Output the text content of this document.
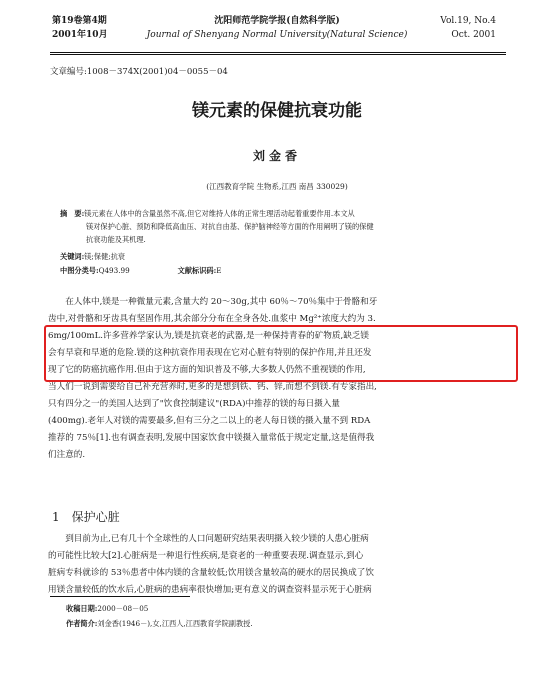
第19卷第4期
2001年10月
沈阳师范学院学报(自然科学版)
Journal of Shenyang Normal University(Natural Science)
Vol.19, No.4
Oct. 2001
文章编号:1008－374X(2001)04－0055－04
镁元素的保健抗衰功能
刘金香
(江西教育学院 生物系,江西 南昌 330029)
摘　要:镁元素在人体中的含量虽然不高,但它对维持人体的正常生理活动起着重要作用.本文从
镁对保护心脏、预防和降低高血压、对抗自由基、保护脑神经等方面的作用阐明了镁的保健
抗衰功能及其机理.
关键词:镁;保健;抗衰
中图分类号:Q493.99	文献标识码:E

在人体中,镁是一种微量元素,含量大约 20～30g,其中 60％～70％集中于骨骼和牙

齿中,对骨骼和牙齿具有坚固作用,其余部分分布在全身各处.血浆中 Mg²⁺浓度大约为 3.
6mg/100mL.许多营养学家认为,镁是抗衰老的武器,是一种保持青春的矿物质,缺乏镁
会有早衰和早逝的危险.镁的这种抗衰作用表现在它对心脏有特别的保护作用,并且还发
现了它的防癌抗癌作用.但由于这方面的知识普及不够,大多数人仍然不重视镁的作用,
当人们一说到需要给自己补充营养时,更多的是想到铁、钙、锌,而想不到镁.有专家指出,
只有四分之一的美国人达到了"饮食控制建议"(RDA)中推荐的镁的每日摄入量
(400mg).老年人对镁的需要最多,但有三分之二以上的老人每日镁的摄入量不到 RDA
推荐的 75％[1].也有调查表明,发展中国家饮食中镁摄入量常低于规定定量,这是值得我
们注意的.
1 保护心脏

到目前为止,已有几十个全球性的人口问题研究结果表明摄入较少镁的人患心脏病

的可能性比较大[2].心脏病是一种退行性疾病,是衰老的一种重要表现.调查显示,到心
脏病专科就诊的 53％患者中体内镁的含量较低;饮用镁含量较高的硬水的居民换成了饮
用镁含量较低的饮水后,心脏病的患病率很快增加;更有意义的调查资料显示死于心脏病
收稿日期:2000－08－05
作者简介:刘金香(1946－),女,江西人,江西教育学院副教授.
